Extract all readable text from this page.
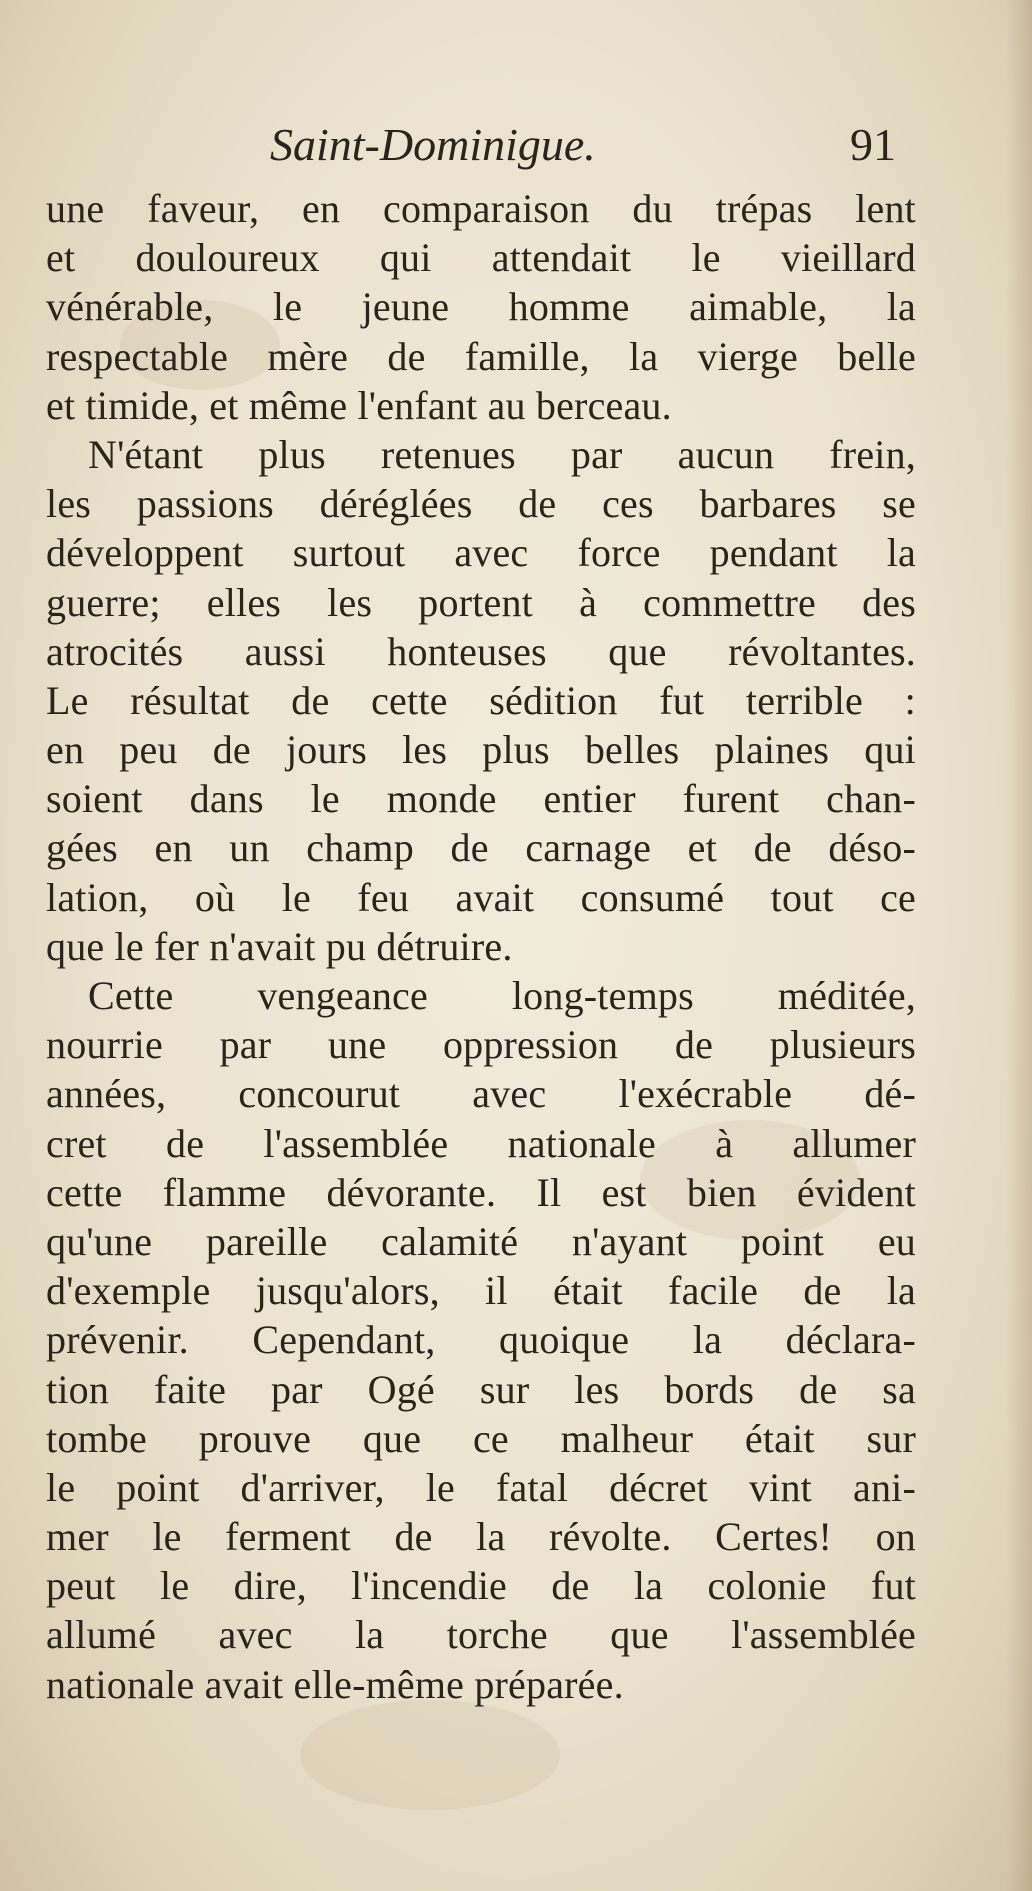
Saint-Dominigue.	91
une faveur, en comparaison du trépas lent
et douloureux qui attendait le vieillard
vénérable, le jeune homme aimable, la
respectable mère de famille, la vierge belle
et timide, et même l'enfant au berceau.
N'étant plus retenues par aucun frein,
les passions déréglées de ces barbares se
développent surtout avec force pendant la
guerre; elles les portent à commettre des
atrocités aussi honteuses que révoltantes.
Le résultat de cette sédition fut terrible :
en peu de jours les plus belles plaines qui
soient dans le monde entier furent chan-
gées en un champ de carnage et de déso-
lation, où le feu avait consumé tout ce
que le fer n'avait pu détruire.
Cette vengeance long-temps méditée,
nourrie par une oppression de plusieurs
années, concourut avec l'exécrable dé-
cret de l'assemblée nationale à allumer
cette flamme dévorante. Il est bien évident
qu'une pareille calamité n'ayant point eu
d'exemple jusqu'alors, il était facile de la
prévenir. Cependant, quoique la déclara-
tion faite par Ogé sur les bords de sa
tombe prouve que ce malheur était sur
le point d'arriver, le fatal décret vint ani-
mer le ferment de la révolte. Certes! on
peut le dire, l'incendie de la colonie fut
allumé avec la torche que l'assemblée
nationale avait elle-même préparée.
